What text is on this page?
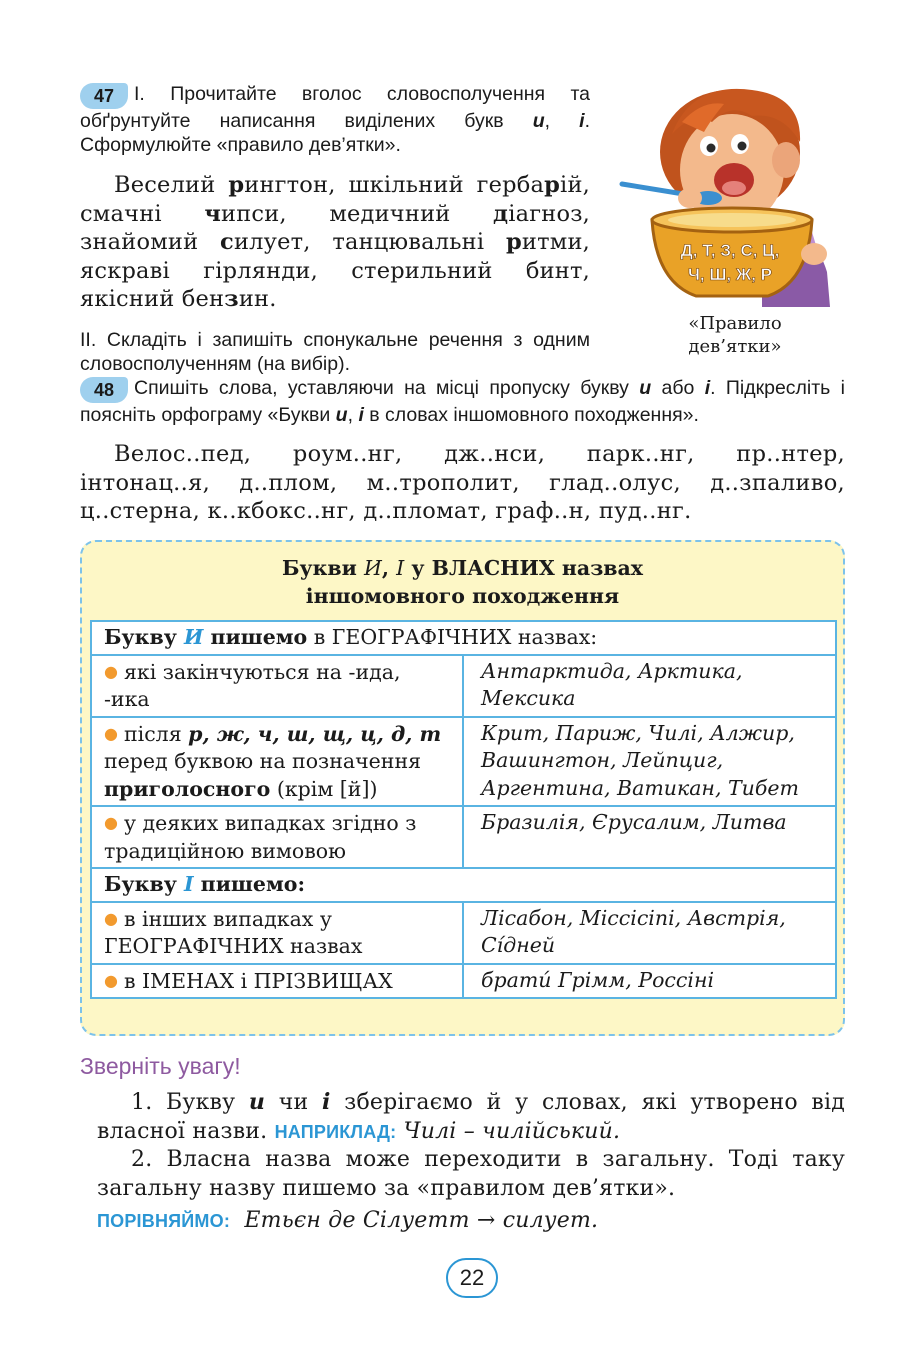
47 I. Прочитайте вголос словосполучення та обґрунтуйте написання виділених букв и, і. Сформулюйте «правило дев’ятки».
Веселий рингтон, шкільний гербарій, смачні чипси, медичний діагноз, знайомий силует, танцювальні ритми, яскраві гірлянди, стерильний бинт, якісний бензин.
II. Складіть і запишіть спонукальне речення з одним словосполученням (на вибір).
Д, Т, З, С, Ц,
Ч, Ш, Ж, Р
«Правило дев’ятки»
48 Спишіть слова, уставляючи на місці пропуску букву и або і. Підкресліть і поясніть орфограму «Букви и, і в словах іншомовного походження».
Велос..пед, роум..нг, дж..нси, парк..нг, пр..нтер, інтонац..я, д..плом, м..трополит, глад..олус, д..зпаливо, ц..стерна, к..кбокс..нг, д..пломат, граф..н, пуд..нг.
Букви И, І у ВЛАСНИХ назвах
іншомовного походження
Букву И пишемо в ГЕОГРАФІЧНИХ назвах:	
● які закінчуються на -ида, -ика	Антарктида, Арктика, Мексика
● після р, ж, ч, ш, щ, ц, д, т перед буквою на позначення приголосного (крім [й])	Крит, Париж, Чилі, Алжир, Вашингтон, Лейпциг, Аргентина, Ватикан, Тибет
● у деяких випадках згідно з традиційною вимовою	Бразилія, Єрусалим, Литва
Букву І пишемо:	
● в інших випадках у ГЕОГРАФІЧНИХ назвах	Лісабон, Міссісіпі, Австрія, Сі́дней
● в ІМЕНАХ і ПРІЗВИЩАХ	брати́ Грімм, Россіні
Зверніть увагу!

1. Букву и чи і зберігаємо й у словах, які утворено від власної назви. НАПРИКЛАД: Чилі – чилійський.

2. Власна назва може переходити в загальну. Тоді таку загальну назву пишемо за «правилом дев’ятки».

ПОРІВНЯЙМО: Етьєн де Сілуетт → силует.

22
